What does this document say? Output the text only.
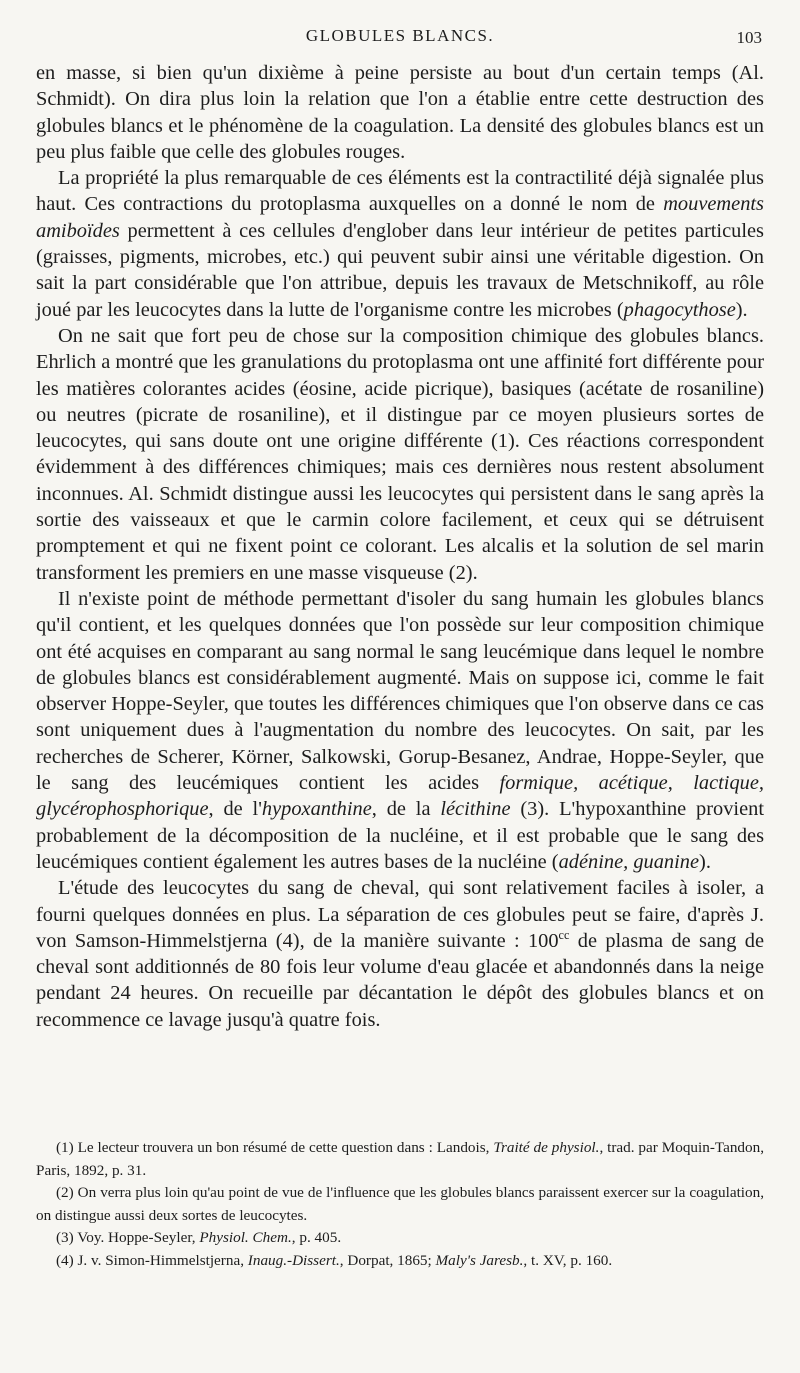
GLOBULES BLANCS.	103

en masse, si bien qu'un dixième à peine persiste au bout d'un certain temps (Al. Schmidt). On dira plus loin la relation que l'on a établie entre cette destruction des globules blancs et le phénomène de la coagulation. La densité des globules blancs est un peu plus faible que celle des globules rouges.

La propriété la plus remarquable de ces éléments est la contractilité déjà signalée plus haut. Ces contractions du protoplasma auxquelles on a donné le nom de mouvements amiboïdes permettent à ces cellules d'englober dans leur intérieur de petites particules (graisses, pigments, microbes, etc.) qui peuvent subir ainsi une véritable digestion. On sait la part considérable que l'on attribue, depuis les travaux de Metschnikoff, au rôle joué par les leucocytes dans la lutte de l'organisme contre les microbes (phagocythose).

On ne sait que fort peu de chose sur la composition chimique des globules blancs. Ehrlich a montré que les granulations du protoplasma ont une affinité fort différente pour les matières colorantes acides (éosine, acide picrique), basiques (acétate de rosaniline) ou neutres (picrate de rosaniline), et il distingue par ce moyen plusieurs sortes de leucocytes, qui sans doute ont une origine différente (1). Ces réactions correspondent évidemment à des différences chimiques; mais ces dernières nous restent absolument inconnues. Al. Schmidt distingue aussi les leucocytes qui persistent dans le sang après la sortie des vaisseaux et que le carmin colore facilement, et ceux qui se détruisent promptement et qui ne fixent point ce colorant. Les alcalis et la solution de sel marin transforment les premiers en une masse visqueuse (2).

Il n'existe point de méthode permettant d'isoler du sang humain les globules blancs qu'il contient, et les quelques données que l'on possède sur leur composition chimique ont été acquises en comparant au sang normal le sang leucémique dans lequel le nombre de globules blancs est considérablement augmenté. Mais on suppose ici, comme le fait observer Hoppe-Seyler, que toutes les différences chimiques que l'on observe dans ce cas sont uniquement dues à l'augmentation du nombre des leucocytes. On sait, par les recherches de Scherer, Körner, Salkowski, Gorup-Besanez, Andrae, Hoppe-Seyler, que le sang des leucémiques contient les acides formique, acétique, lactique, glycérophosphorique, de l'hypoxanthine, de la lécithine (3). L'hypoxanthine provient probablement de la décomposition de la nucléine, et il est probable que le sang des leucémiques contient également les autres bases de la nucléine (adénine, guanine).

L'étude des leucocytes du sang de cheval, qui sont relativement faciles à isoler, a fourni quelques données en plus. La séparation de ces globules peut se faire, d'après J. von Samson-Himmelstjerna (4), de la manière suivante : $100^{cc}$ de plasma de sang de cheval sont additionnés de 80 fois leur volume d'eau glacée et abandonnés dans la neige pendant 24 heures. On recueille par décantation le dépôt des globules blancs et on recommence ce lavage jusqu'à quatre fois.

(1) Le lecteur trouvera un bon résumé de cette question dans : Landois, Traité de physiol., trad. par Moquin-Tandon, Paris, 1892, p. 31.

(2) On verra plus loin qu'au point de vue de l'influence que les globules blancs paraissent exercer sur la coagulation, on distingue aussi deux sortes de leucocytes.

(3) Voy. Hoppe-Seyler, Physiol. Chem., p. 405.

(4) J. v. Simon-Himmelstjerna, Inaug.-Dissert., Dorpat, 1865; Maly's Jaresb., t. XV, p. 160.
